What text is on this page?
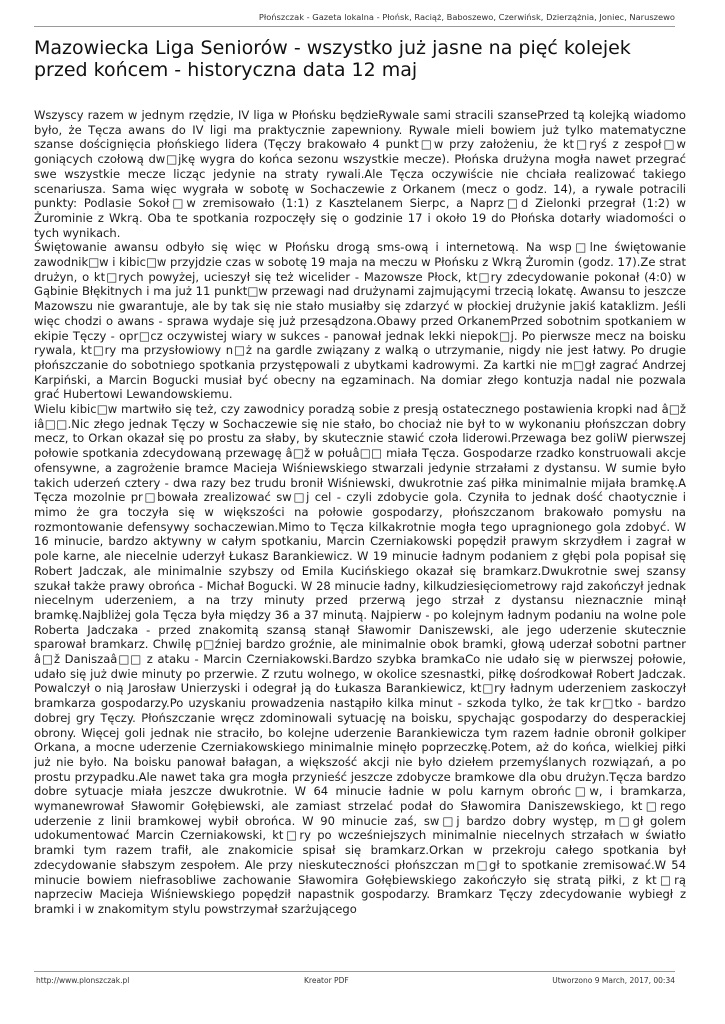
Płońszczak - Gazeta lokalna - Płońsk, Raciąż, Baboszewo, Czerwińsk, Dzierzążnia, Joniec, Naruszewo
Mazowiecka Liga Seniorów - wszystko już jasne na pięć kolejek przed końcem - historyczna data 12 maj

Wszyscy razem w jednym rzędzie, IV liga w Płońsku będzieRywale sami stracili szansePrzed tą kolejką wiadomo było, że Tęcza awans do IV ligi ma praktycznie zapewniony. Rywale mieli bowiem już tylko matematyczne szanse doścignięcia płońskiego lidera (Tęczy brakowało 4 punkt□w przy założeniu, że kt□ryś z zespoł□w goniących czołową dw□jkę wygra do końca sezonu wszystkie mecze). Płońska drużyna mogła nawet przegrać swe wszystkie mecze licząc jedynie na straty rywali.Ale Tęcza oczywiście nie chciała realizować takiego scenariusza. Sama więc wygrała w sobotę w Sochaczewie z Orkanem (mecz o godz. 14), a rywale potracili punkty: Podlasie Sokoł□w zremisowało (1:1) z Kasztelanem Sierpc, a Naprz□d Zielonki przegrał (1:2) w Żurominie z Wkrą. Oba te spotkania rozpoczęły się o godzinie 17 i około 19 do Płońska dotarły wiadomości o tych wynikach.

Świętowanie awansu odbyło się więc w Płońsku drogą sms-ową i internetową. Na wsp□lne świętowanie zawodnik□w i kibic□w przyjdzie czas w sobotę 19 maja na meczu w Płońsku z Wkrą Żuromin (godz. 17).Ze strat drużyn, o kt□rych powyżej, ucieszył się też wicelider - Mazowsze Płock, kt□ry zdecydowanie pokonał (4:0) w Gąbinie Błękitnych i ma już 11 punkt□w przewagi nad drużynami zajmującymi trzecią lokatę. Awansu to jeszcze Mazowszu nie gwarantuje, ale by tak się nie stało musiałby się zdarzyć w płockiej drużynie jakiś kataklizm. Jeśli więc chodzi o awans - sprawa wydaje się już przesądzona.Obawy przed OrkanemPrzed sobotnim spotkaniem w ekipie Tęczy - opr□cz oczywistej wiary w sukces - panował jednak lekki niepok□j. Po pierwsze mecz na boisku rywala, kt□ry ma przysłowiowy n□ż na gardle związany z walką o utrzymanie, nigdy nie jest łatwy. Po drugie płońszczanie do sobotniego spotkania przystępowali z ubytkami kadrowymi. Za kartki nie m□gł zagrać Andrzej Karpiński, a Marcin Bogucki musiał być obecny na egzaminach. Na domiar złego kontuzja nadal nie pozwala grać Hubertowi Lewandowskiemu.

Wielu kibic□w martwiło się też, czy zawodnicy poradzą sobie z presją ostatecznego postawienia kropki nad â□ž iâ□□.Nic złego jednak Tęczy w Sochaczewie się nie stało, bo chociaż nie był to w wykonaniu płońszczan dobry mecz, to Orkan okazał się po prostu za słaby, by skutecznie stawić czoła liderowi.Przewaga bez goliW pierwszej połowie spotkania zdecydowaną przewagę â□ž w połuâ□□ miała Tęcza. Gospodarze rzadko konstruowali akcje ofensywne, a zagrożenie bramce Macieja Wiśniewskiego stwarzali jedynie strzałami z dystansu. W sumie było takich uderzeń cztery - dwa razy bez trudu bronił Wiśniewski, dwukrotnie zaś piłka minimalnie mijała bramkę.A Tęcza mozolnie pr□bowała zrealizować sw□j cel - czyli zdobycie gola. Czyniła to jednak dość chaotycznie i mimo że gra toczyła się w większości na połowie gospodarzy, płońszczanom brakowało pomysłu na rozmontowanie defensywy sochaczewian.Mimo to Tęcza kilkakrotnie mogła tego upragnionego gola zdobyć. W 16 minucie, bardzo aktywny w całym spotkaniu, Marcin Czerniakowski popędził prawym skrzydłem i zagrał w pole karne, ale niecelnie uderzył Łukasz Barankiewicz. W 19 minucie ładnym podaniem z głębi pola popisał się Robert Jadczak, ale minimalnie szybszy od Emila Kucińskiego okazał się bramkarz.Dwukrotnie swej szansy szukał także prawy obrońca - Michał Bogucki. W 28 minucie ładny, kilkudziesięciometrowy rajd zakończył jednak niecelnym uderzeniem, a na trzy minuty przed przerwą jego strzał z dystansu nieznacznie minął bramkę.Najbliżej gola Tęcza była między 36 a 37 minutą. Najpierw - po kolejnym ładnym podaniu na wolne pole Roberta Jadczaka - przed znakomitą szansą stanął Sławomir Daniszewski, ale jego uderzenie skutecznie sparował bramkarz. Chwilę p□źniej bardzo groźnie, ale minimalnie obok bramki, głową uderzał sobotni partner â□ž Daniszaâ□□ z ataku - Marcin Czerniakowski.Bardzo szybka bramkaCo nie udało się w pierwszej połowie, udało się już dwie minuty po przerwie. Z rzutu wolnego, w okolice szesnastki, piłkę dośrodkował Robert Jadczak. Powalczył o nią Jarosław Unierzyski i odegrał ją do Łukasza Barankiewicz, kt□ry ładnym uderzeniem zaskoczył bramkarza gospodarzy.Po uzyskaniu prowadzenia nastąpiło kilka minut - szkoda tylko, że tak kr□tko - bardzo dobrej gry Tęczy. Płońszczanie wręcz zdominowali sytuację na boisku, spychając gospodarzy do desperackiej obrony. Więcej goli jednak nie straciło, bo kolejne uderzenie Barankiewicza tym razem ładnie obronił golkiper Orkana, a mocne uderzenie Czerniakowskiego minimalnie minęło poprzeczkę.Potem, aż do końca, wielkiej piłki już nie było. Na boisku panował bałagan, a większość akcji nie było dziełem przemyślanych rozwiązań, a po prostu przypadku.Ale nawet taka gra mogła przynieść jeszcze zdobycze bramkowe dla obu drużyn.Tęcza bardzo dobre sytuacje miała jeszcze dwukrotnie. W 64 minucie ładnie w polu karnym obrońc□w, i bramkarza, wymanewrował Sławomir Gołębiewski, ale zamiast strzelać podał do Sławomira Daniszewskiego, kt□rego uderzenie z linii bramkowej wybił obrońca. W 90 minucie zaś, sw□j bardzo dobry występ, m□gł golem udokumentować Marcin Czerniakowski, kt□ry po wcześniejszych minimalnie niecelnych strzałach w światło bramki tym razem trafił, ale znakomicie spisał się bramkarz.Orkan w przekroju całego spotkania był zdecydowanie słabszym zespołem. Ale przy nieskuteczności płońszczan m□gł to spotkanie zremisować.W 54 minucie bowiem niefrasobliwe zachowanie Sławomira Gołębiewskiego zakończyło się stratą piłki, z kt□rą naprzeciw Macieja Wiśniewskiego popędził napastnik gospodarzy. Bramkarz Tęczy zdecydowanie wybiegł z bramki i w znakomitym stylu powstrzymał szarżującego

http://www.plonszczak.pl	Kreator PDF	Utworzono 9 March, 2017, 00:34
